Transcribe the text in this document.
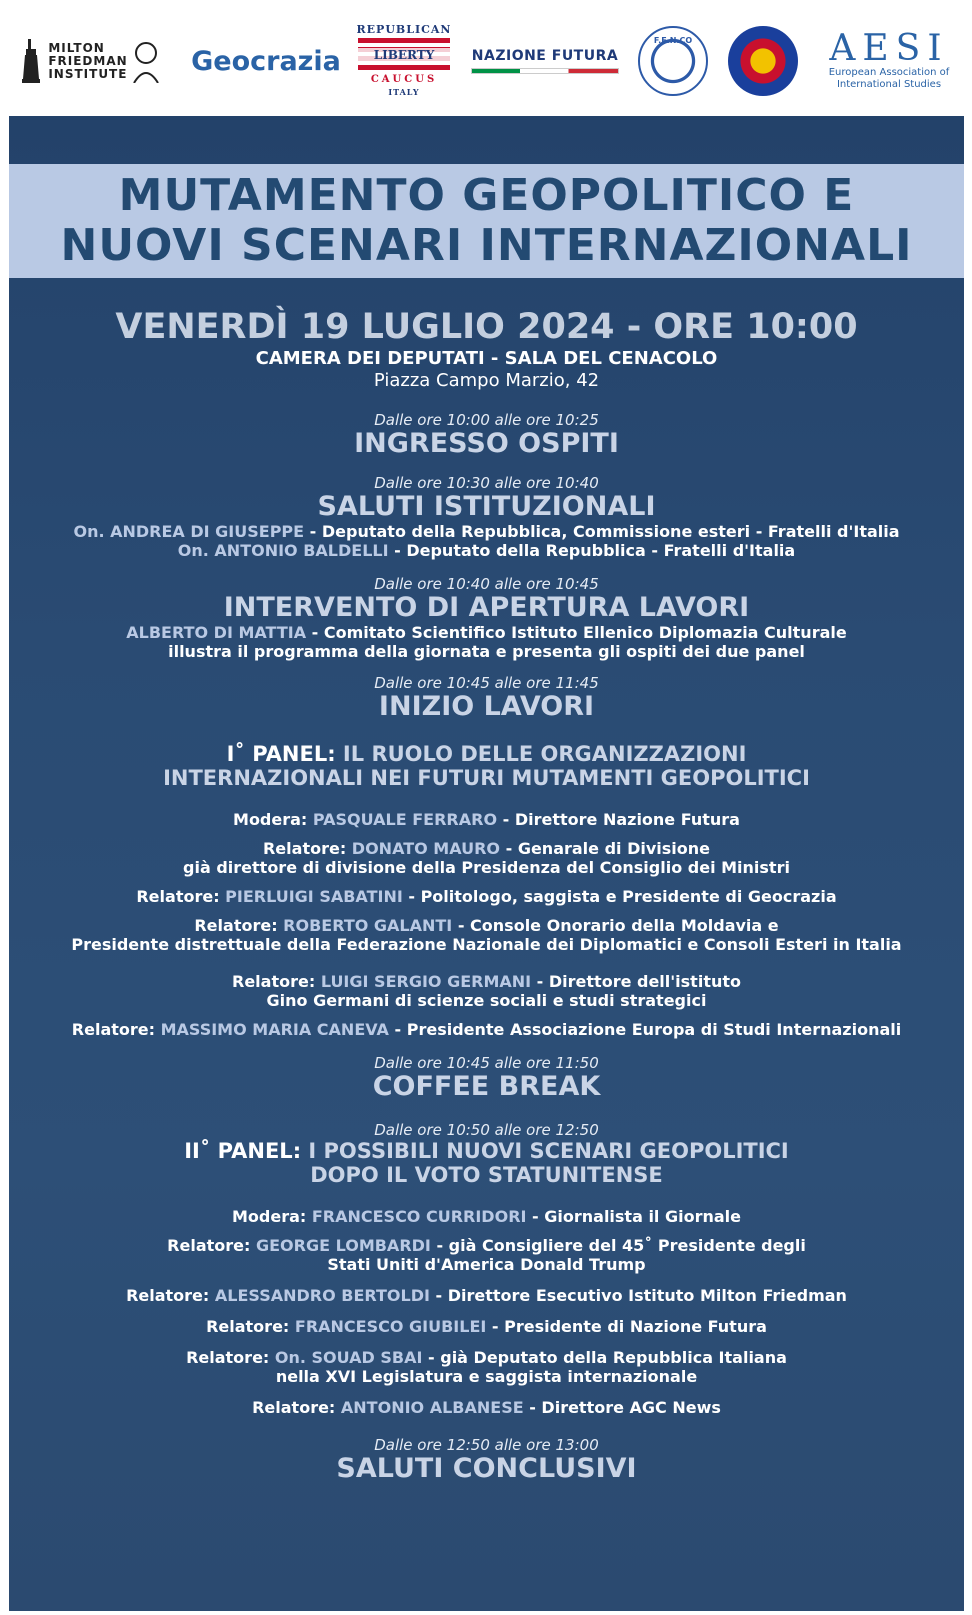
MILTON
FRIEDMAN
INSTITUTE Geocrazia
REPUBLICAN
LIBERTY
CAUCUS
ITALY
NAZIONE FUTURA
F.E.N.CO	AESI
European Association of
International Studies
MUTAMENTO GEOPOLITICO E
NUOVI SCENARI INTERNAZIONALI
VENERDÌ 19 LUGLIO 2024 - ORE 10:00
CAMERA DEI DEPUTATI - SALA DEL CENACOLO
Piazza Campo Marzio, 42
Dalle ore 10:00 alle ore 10:25
INGRESSO OSPITI
Dalle ore 10:30 alle ore 10:40
SALUTI ISTITUZIONALI
On. ANDREA DI GIUSEPPE - Deputato della Repubblica, Commissione esteri - Fratelli d'Italia
On. ANTONIO BALDELLI - Deputato della Repubblica - Fratelli d'Italia
Dalle ore 10:40 alle ore 10:45
INTERVENTO DI APERTURA LAVORI
ALBERTO DI MATTIA - Comitato Scientifico Istituto Ellenico Diplomazia Culturale
illustra il programma della giornata e presenta gli ospiti dei due panel
Dalle ore 10:45 alle ore 11:45
INIZIO LAVORI
I˚ PANEL: IL RUOLO DELLE ORGANIZZAZIONI
INTERNAZIONALI NEI FUTURI MUTAMENTI GEOPOLITICI
Modera: PASQUALE FERRARO - Direttore Nazione Futura
Relatore: DONATO MAURO - Genarale di Divisione
già direttore di divisione della Presidenza del Consiglio dei Ministri
Relatore: PIERLUIGI SABATINI - Politologo, saggista e Presidente di Geocrazia
Relatore: ROBERTO GALANTI - Console Onorario della Moldavia e
Presidente distrettuale della Federazione Nazionale dei Diplomatici e Consoli Esteri in Italia
Relatore: LUIGI SERGIO GERMANI - Direttore dell'istituto
Gino Germani di scienze sociali e studi strategici
Relatore: MASSIMO MARIA CANEVA - Presidente Associazione Europa di Studi Internazionali
Dalle ore 10:45 alle ore 11:50
COFFEE BREAK
Dalle ore 10:50 alle ore 12:50
II˚ PANEL: I POSSIBILI NUOVI SCENARI GEOPOLITICI
DOPO IL VOTO STATUNITENSE
Modera: FRANCESCO CURRIDORI - Giornalista il Giornale
Relatore: GEORGE LOMBARDI - già Consigliere del 45˚ Presidente degli
Stati Uniti d'America Donald Trump
Relatore: ALESSANDRO BERTOLDI - Direttore Esecutivo Istituto Milton Friedman
Relatore: FRANCESCO GIUBILEI - Presidente di Nazione Futura
Relatore: On. SOUAD SBAI - già Deputato della Repubblica Italiana
nella XVI Legislatura e saggista internazionale
Relatore: ANTONIO ALBANESE - Direttore AGC News
Dalle ore 12:50 alle ore 13:00
SALUTI CONCLUSIVI
